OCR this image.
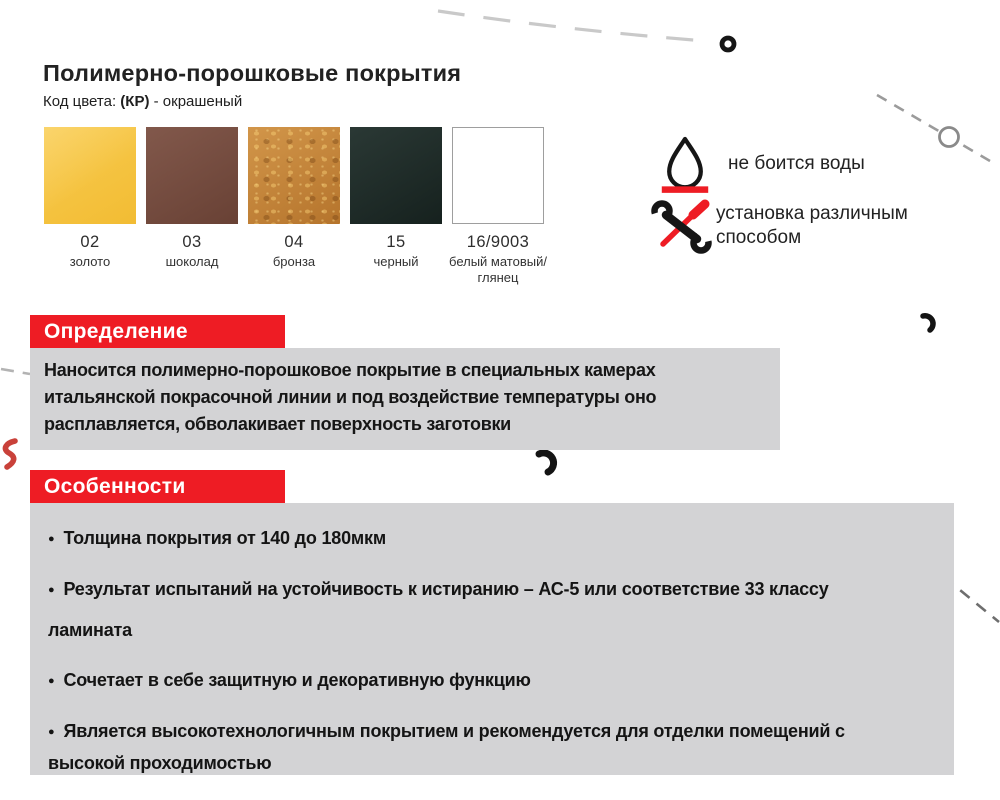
Полимерно-порошковые покрытия

Код цвета: (КР) - окрашеный

02
золото
03
шоколад
04
бронза
15
черный
16/9003
белый матовый/глянец
не боится воды
установка различным способом
Определение
Наносится полимерно-порошковое покрытие в специальных камерах
итальянской покрасочной линии и под воздействие температуры оно
расплавляется, обволакивает поверхность заготовки
Особенности
● Толщина покрытия от 140 до 180мкм
● Результат испытаний на устойчивость к истиранию – АС-5 или соответствие 33 классу
ламината
● Сочетает в себе защитную и декоративную функцию
● Является высокотехнологичным покрытием и рекомендуется для отделки помещений с
высокой проходимостью
